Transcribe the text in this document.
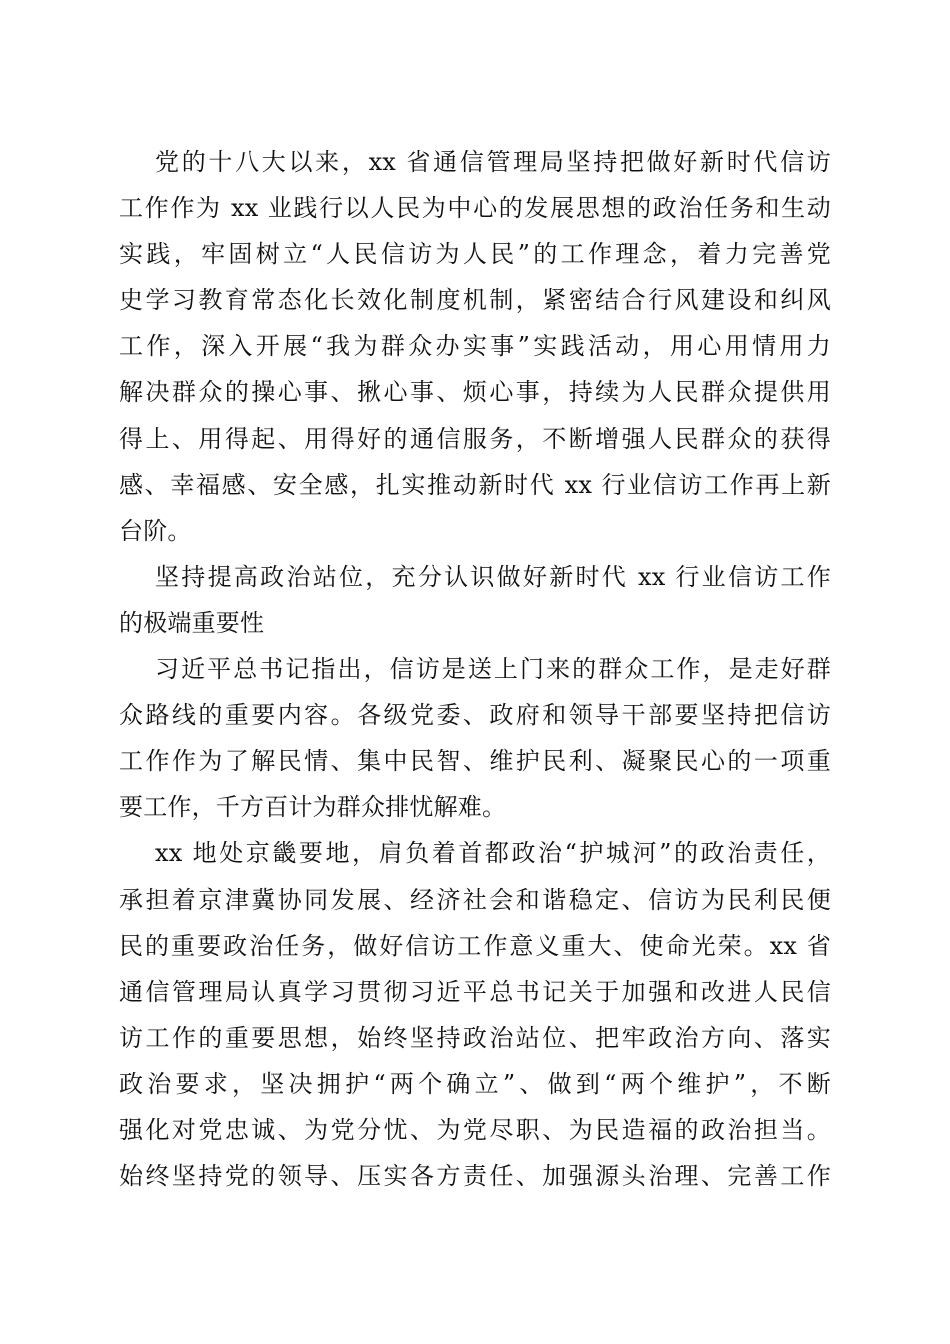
党的十八大以来，xx 省通信管理局坚持把做好新时代信访
工作作为 xx 业践行以人民为中心的发展思想的政治任务和生动
实践，牢固树立“人民信访为人民”的工作理念，着力完善党
史学习教育常态化长效化制度机制，紧密结合行风建设和纠风
工作，深入开展“我为群众办实事”实践活动，用心用情用力
解决群众的操心事、揪心事、烦心事，持续为人民群众提供用
得上、用得起、用得好的通信服务，不断增强人民群众的获得
感、幸福感、安全感，扎实推动新时代 xx 行业信访工作再上新
台阶。
坚持提高政治站位，充分认识做好新时代 xx 行业信访工作
的极端重要性
习近平总书记指出，信访是送上门来的群众工作，是走好群
众路线的重要内容。各级党委、政府和领导干部要坚持把信访
工作作为了解民情、集中民智、维护民利、凝聚民心的一项重
要工作，千方百计为群众排忧解难。
xx 地处京畿要地，肩负着首都政治“护城河”的政治责任，
承担着京津冀协同发展、经济社会和谐稳定、信访为民利民便
民的重要政治任务，做好信访工作意义重大、使命光荣。xx 省
通信管理局认真学习贯彻习近平总书记关于加强和改进人民信
访工作的重要思想，始终坚持政治站位、把牢政治方向、落实
政治要求，坚决拥护“两个确立”、做到“两个维护”，不断
强化对党忠诚、为党分忧、为党尽职、为民造福的政治担当。
始终坚持党的领导、压实各方责任、加强源头治理、完善工作
